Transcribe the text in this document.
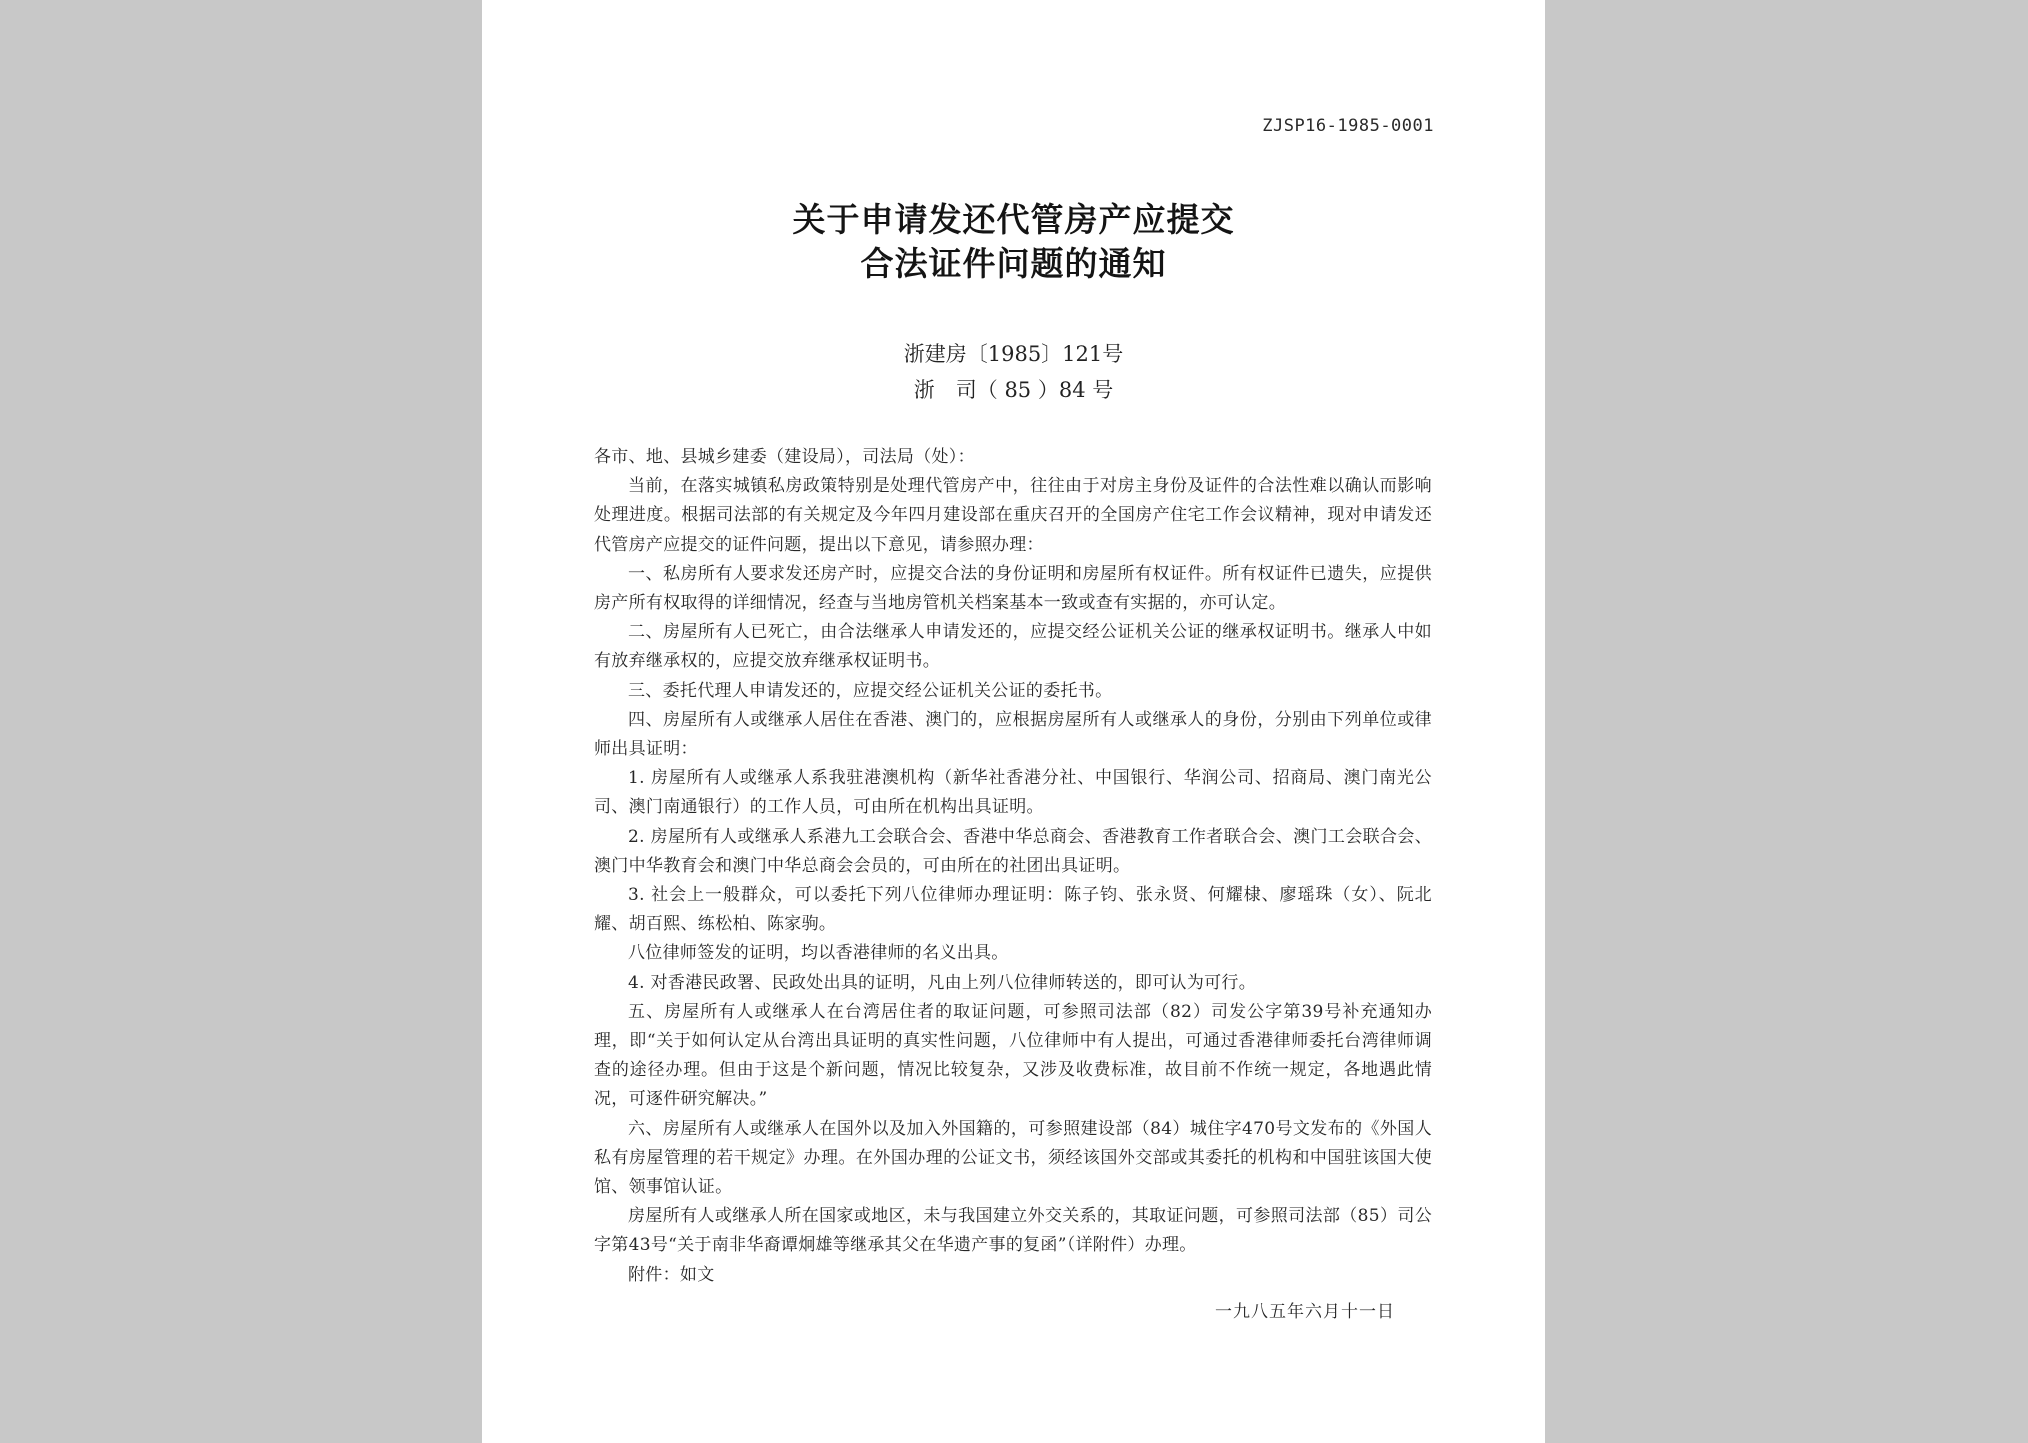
ZJSP16-1985-0001
关于申请发还代管房产应提交
合法证件问题的通知
浙建房〔1985〕121号
浙　司（ 85 ）84 号

各市、地、县城乡建委（建设局），司法局（处）：

当前，在落实城镇私房政策特别是处理代管房产中，往往由于对房主身份及证件的合法性难以确认而影响处理进度。根据司法部的有关规定及今年四月建设部在重庆召开的全国房产住宅工作会议精神，现对申请发还代管房产应提交的证件问题，提出以下意见，请参照办理：

一、私房所有人要求发还房产时，应提交合法的身份证明和房屋所有权证件。所有权证件已遗失，应提供房产所有权取得的详细情况，经查与当地房管机关档案基本一致或查有实据的，亦可认定。

二、房屋所有人已死亡，由合法继承人申请发还的，应提交经公证机关公证的继承权证明书。继承人中如有放弃继承权的，应提交放弃继承权证明书。

三、委托代理人申请发还的，应提交经公证机关公证的委托书。

四、房屋所有人或继承人居住在香港、澳门的，应根据房屋所有人或继承人的身份，分别由下列单位或律师出具证明：

1. 房屋所有人或继承人系我驻港澳机构（新华社香港分社、中国银行、华润公司、招商局、澳门南光公司、澳门南通银行）的工作人员，可由所在机构出具证明。

2. 房屋所有人或继承人系港九工会联合会、香港中华总商会、香港教育工作者联合会、澳门工会联合会、澳门中华教育会和澳门中华总商会会员的，可由所在的社团出具证明。

3. 社会上一般群众，可以委托下列八位律师办理证明：陈子钧、张永贤、何耀棣、廖瑶珠（女）、阮北耀、胡百熙、练松柏、陈家驹。

八位律师签发的证明，均以香港律师的名义出具。

4. 对香港民政署、民政处出具的证明，凡由上列八位律师转送的，即可认为可行。

五、房屋所有人或继承人在台湾居住者的取证问题，可参照司法部（82）司发公字第39号补充通知办理，即“关于如何认定从台湾出具证明的真实性问题，八位律师中有人提出，可通过香港律师委托台湾律师调查的途径办理。但由于这是个新问题，情况比较复杂，又涉及收费标准，故目前不作统一规定，各地遇此情况，可逐件研究解决。”

六、房屋所有人或继承人在国外以及加入外国籍的，可参照建设部（84）城住字470号文发布的《外国人私有房屋管理的若干规定》办理。在外国办理的公证文书，须经该国外交部或其委托的机构和中国驻该国大使馆、领事馆认证。

房屋所有人或继承人所在国家或地区，未与我国建立外交关系的，其取证问题，可参照司法部（85）司公字第43号“关于南非华裔谭炯雄等继承其父在华遗产事的复函”（详附件）办理。

附件：如文

一九八五年六月十一日
